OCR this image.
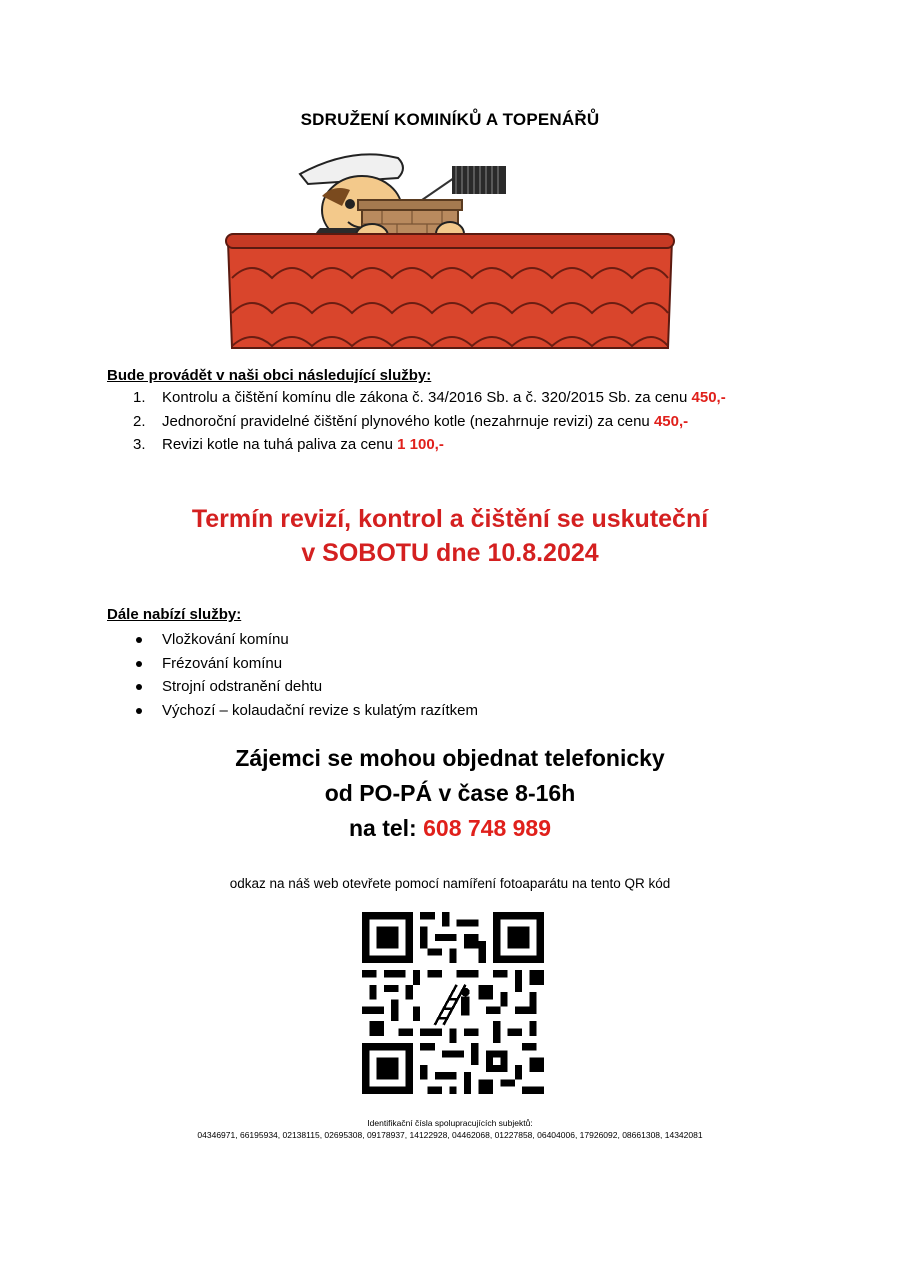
SDRUŽENÍ KOMINÍKŮ A TOPENÁŘŮ
Bude provádět v naši obci následující služby:
1. Kontrolu a čištění komínu dle zákona č. 34/2016 Sb. a č. 320/2015 Sb. za cenu 450,-
2. Jednoroční pravidelné čištění plynového kotle (nezahrnuje revizi) za cenu 450,-
3. Revizi kotle na tuhá paliva za cenu 1 100,-
Termín revizí, kontrol a čištění se uskuteční
v SOBOTU dne 10.8.2024
Dále nabízí služby:
Vložkování komínu
Frézování komínu
Strojní odstranění dehtu
Výchozí – kolaudační revize s kulatým razítkem
Zájemci se mohou objednat telefonicky
od PO-PÁ v čase 8-16h
na tel: 608 748 989
odkaz na náš web otevřete pomocí namíření fotoaparátu na tento QR kód
Identifikační čísla spolupracujících subjektů:
04346971, 66195934, 02138115, 02695308, 09178937, 14122928, 04462068, 01227858, 06404006, 17926092, 08661308, 14342081
